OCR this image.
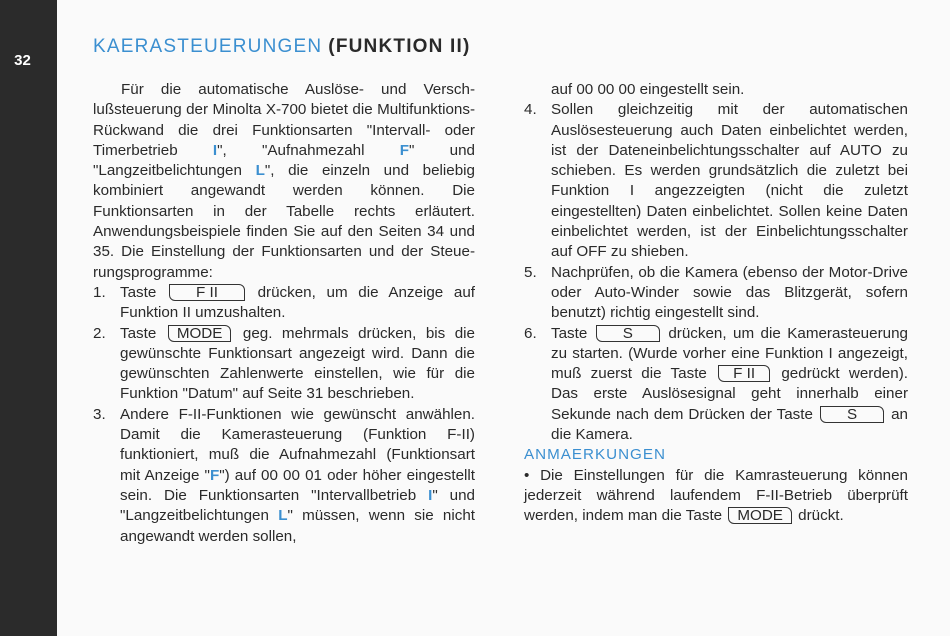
32
KAERASTEUERUNGEN (FUNKTION II)

Für die automatische Auslöse- und Verschlußsteuerung der Minolta X-700 bietet die Multifunktions-Rückwand die drei Funktionsarten "Intervall- oder Timerbetrieb I", "Aufnahmezahl F" und "Langzeitbelichtungen L", die einzeln und beliebig kombiniert angewandt werden können. Die Funktionsarten in der Tabelle rechts erläutert. Anwendungsbeispiele finden Sie auf den Seiten 34 und 35. Die Einstellung der Funktionsarten und der Steuerungsprogramme:

1. Taste	F II	drücken, um die Anzeige auf Funktion II umzushalten.
2. Taste MODE geg. mehrmals drücken, bis die gewünschte Funktionsart angezeigt wird. Dann die gewünschten Zahlenwerte einstellen, wie für die Funktion "Datum" auf Seite 31 beschrieben.
3. Andere F-II-Funktionen wie gewünscht anwählen. Damit die Kamerasteuerung (Funktion F-II) funktioniert, muß die Aufnahmezahl (Funktionsart mit Anzeige "F") auf 00 00 01 oder höher eingestellt sein. Die Funktionsarten "Intervallbetrieb I" und "Langzeitbelichtungen L" müssen, wenn sie nicht angewandt werden sollen,

auf 00 00 00 eingestellt sein.

4. Sollen gleichzeitig mit der automatischen Auslösesteuerung auch Daten einbelichtet werden, ist der Dateneinbelichtungsschalter auf AUTO zu schieben. Es werden grundsätzlich die zuletzt bei Funktion I angezzeigten (nicht die zuletzt eingestellten) Daten einbelichtet. Sollen keine Daten einbelichtet werden, ist der Einbelichtungsschalter auf OFF zu shieben.
5. Nachprüfen, ob die Kamera (ebenso der Motor-Drive oder Auto-Winder sowie das Blitzgerät, sofern benutzt) richtig eingestellt sind.
6. Taste S drücken, um die Kamerasteuerung zu starten. (Wurde vorher eine Funktion I angezeigt, muß zuerst die Taste F II gedrückt werden). Das erste Auslösesignal geht innerhalb einer Sekunde nach dem Drücken der Taste S an die Kamera.

ANMAERKUNGEN

• Die Einstellungen für die Kamrasteuerung können jederzeit während laufendem F-II-Betrieb überprüft werden, indem man die Taste MODE drückt.
